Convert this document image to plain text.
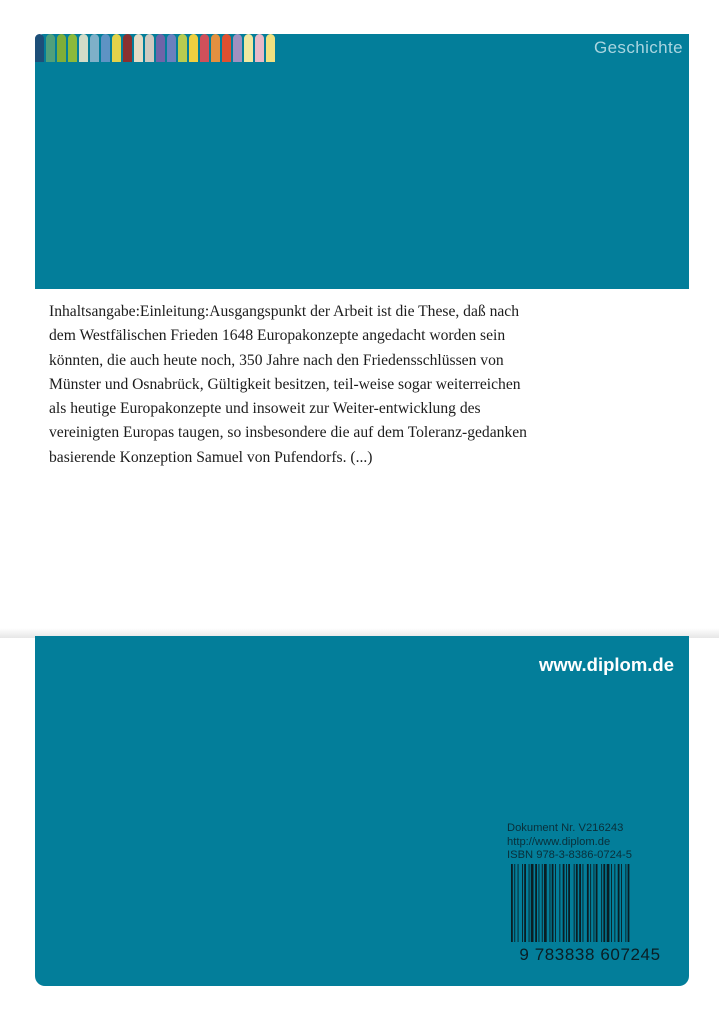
Geschichte

Inhaltsangabe:Einleitung:Ausgangspunkt der Arbeit ist die These, daß nach
dem Westfälischen Frieden 1648 Europakonzepte angedacht worden sein
könnten, die auch heute noch, 350 Jahre nach den Friedensschlüssen von
Münster und Osnabrück, Gültigkeit besitzen, teil-weise sogar weiterreichen
als heutige Europakonzepte und insoweit zur Weiter-entwicklung des
vereinigten Europas taugen, so insbesondere die auf dem Toleranz-gedanken
basierende Konzeption Samuel von Pufendorfs. (...)

www.diplom.de
Dokument Nr. V216243
http://www.diplom.de
ISBN 978-3-8386-0724-5
9 783838 607245
